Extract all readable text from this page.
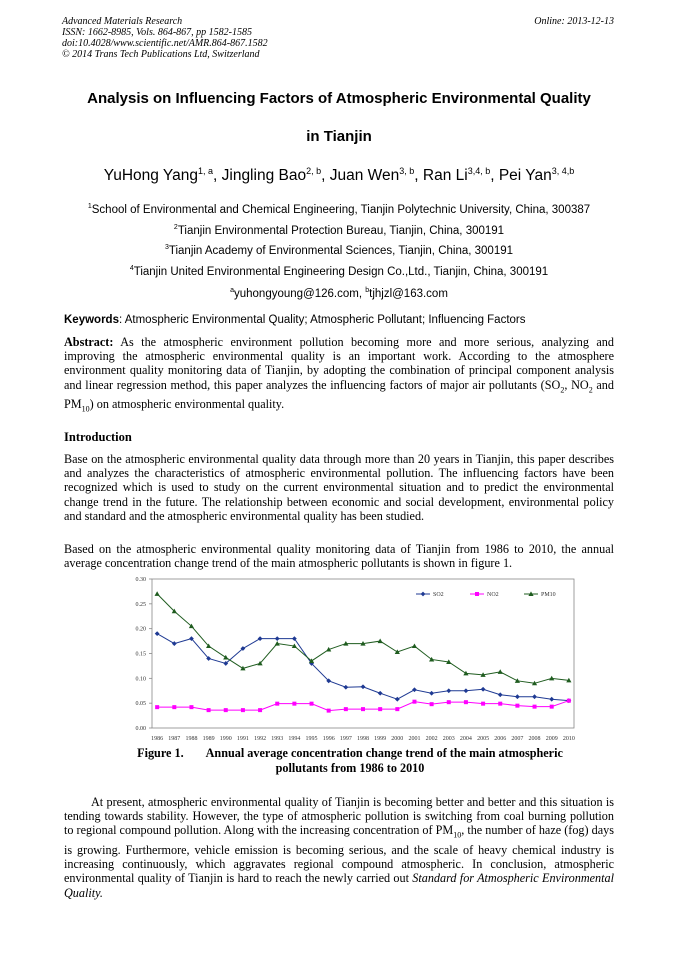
Advanced Materials Research
ISSN: 1662-8985, Vols. 864-867, pp 1582-1585
doi:10.4028/www.scientific.net/AMR.864-867.1582
© 2014 Trans Tech Publications Ltd, Switzerland
Online: 2013-12-13
Analysis on Influencing Factors of Atmospheric Environmental Quality
in Tianjin
YuHong Yang$^{1, a}$, Jingling Bao$^{2, b}$, Juan Wen$^{3, b}$, Ran Li$^{3,4, b}$, Pei Yan$^{3, 4,b}$
$^1$School of Environmental and Chemical Engineering, Tianjin Polytechnic University, China, 300387
$^2$Tianjin Environmental Protection Bureau, Tianjin, China, 300191
$^3$Tianjin Academy of Environmental Sciences, Tianjin, China, 300191
$^4$Tianjin United Environmental Engineering Design Co.,Ltd., Tianjin, China, 300191
$^a$yuhongyoung@126.com, $^b$tjhjzl@163.com
Keywords: Atmospheric Environmental Quality; Atmospheric Pollutant; Influencing Factors
Abstract: As the atmospheric environment pollution becoming more and more serious, analyzing and improving the atmospheric environmental quality is an important work. According to the atmosphere environment quality monitoring data of Tianjin, by adopting the combination of principal component analysis and linear regression method, this paper analyzes the influencing factors of major air pollutants ($SO_2$, $NO_2$ and $PM_{10}$) on atmospheric environmental quality.
Introduction
Base on the atmospheric environmental quality data through more than 20 years in Tianjin, this paper describes and analyzes the characteristics of atmospheric environmental pollution. The influencing factors have been recognized which is used to study on the current environmental situation and to predict the environmental change trend in the future. The relationship between economic and social development, environmental policy and standard and the atmospheric environmental quality has been studied.
Based on the atmospheric environmental quality monitoring data of Tianjin from 1986 to 2010, the annual average concentration change trend of the main atmospheric pollutants is shown in figure 1.
0.00
0.05
0.10
0.15
0.20
0.25
0.30
1986 1987 1988 1989 1990 1991 1992 1993 1994 1995 1996 1997 1998 1999 2000 2001 2002 2003 2004 2005 2006 2007 2008 2009 2010
SO2	NO2	PM10
Figure 1. Annual average concentration change trend of the main atmospheric
pollutants from 1986 to 2010
At present, atmospheric environmental quality of Tianjin is becoming better and better and this situation is tending towards stability. However, the type of atmospheric pollution is switching from coal burning pollution to regional compound pollution. Along with the increasing concentration of $PM_{10}$, the number of haze (fog) days is growing. Furthermore, vehicle emission is becoming serious, and the scale of heavy chemical industry is increasing continuously, which aggravates regional compound atmospheric. In conclusion, atmospheric environmental quality of Tianjin is hard to reach the newly carried out Standard for Atmospheric Environmental Quality.
